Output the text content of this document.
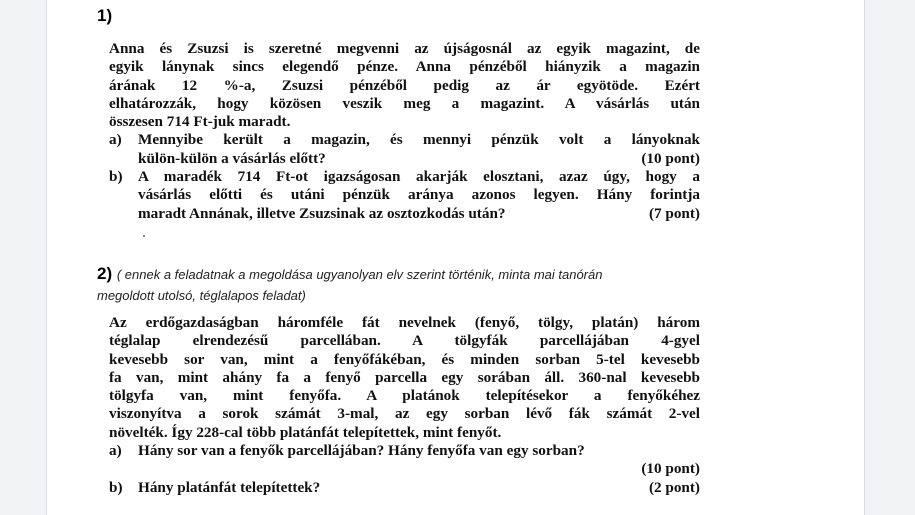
1)
Anna és Zsuzsi is szeretné megvenni az újságosnál az egyik magazint, de
egyik lánynak sincs elegendő pénze. Anna pénzéből hiányzik a magazin
árának 12 %-a, Zsuzsi pénzéből pedig az ár egyötöde. Ezért
elhatározzák, hogy közösen veszik meg a magazint. A vásárlás után
összesen 714 Ft-juk maradt.
a)	Mennyibe került a magazin, és mennyi pénzük volt a lányoknak
külön-külön a vásárlás előtt?	(10 pont)
b)	A maradék 714 Ft-ot igazságosan akarják elosztani, azaz úgy, hogy a
vásárlás előtti és utáni pénzük aránya azonos legyen. Hány forintja
maradt Annának, illetve Zsuzsinak az osztozkodás után?	(7 pont)
2) ( ennek a feladatnak a megoldása ugyanolyan elv szerint történik, minta mai tanórán
megoldott utolsó, téglalapos feladat)
Az erdőgazdaságban háromféle fát nevelnek (fenyő, tölgy, platán) három
téglalap elrendezésű parcellában. A tölgyfák parcellájában 4-gyel
kevesebb sor van, mint a fenyőfákéban, és minden sorban 5-tel kevesebb
fa van, mint ahány fa a fenyő parcella egy sorában áll. 360-nal kevesebb
tölgyfa van, mint fenyőfa. A platánok telepítésekor a fenyőkéhez
viszonyítva a sorok számát 3-mal, az egy sorban lévő fák számát 2-vel
növelték. Így 228-cal több platánfát telepítettek, mint fenyőt.
a)	Hány sor van a fenyők parcellájában? Hány fenyőfa van egy sorban?
(10 pont)
b)	Hány platánfát telepítettek?	(2 pont)
